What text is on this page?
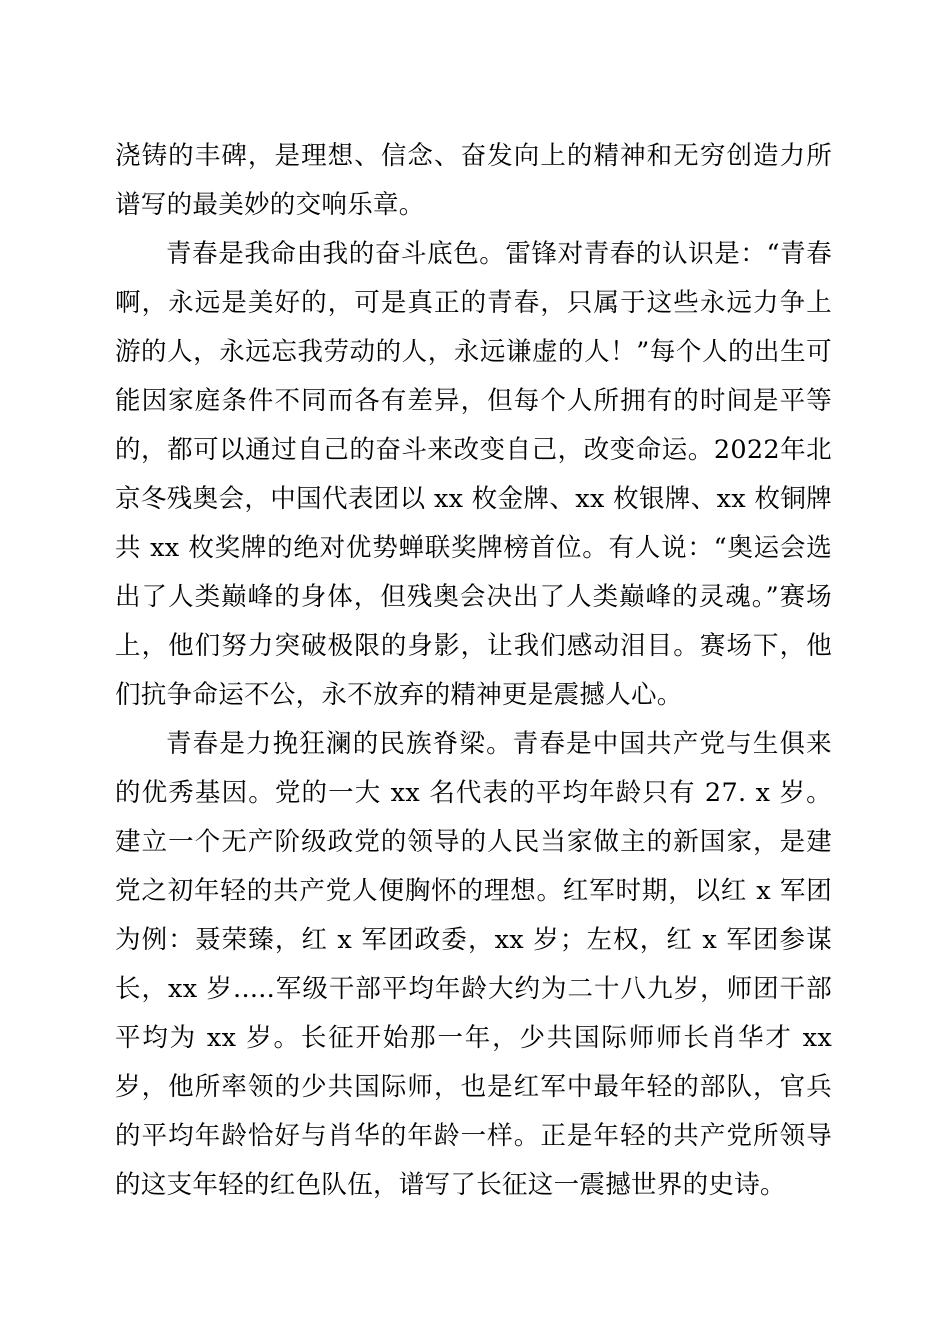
浇铸的丰碑，是理想、信念、奋发向上的精神和无穷创造力所谱写的最美妙的交响乐章。

青春是我命由我的奋斗底色。雷锋对青春的认识是：“青春啊，永远是美好的，可是真正的青春，只属于这些永远力争上游的人，永远忘我劳动的人，永远谦虚的人！”每个人的出生可能因家庭条件不同而各有差异，但每个人所拥有的时间是平等的，都可以通过自己的奋斗来改变自己，改变命运。2022年北京冬残奥会，中国代表团以 xx 枚金牌、xx 枚银牌、xx 枚铜牌共 xx 枚奖牌的绝对优势蝉联奖牌榜首位。有人说：“奥运会选出了人类巅峰的身体，但残奥会决出了人类巅峰的灵魂。”赛场上，他们努力突破极限的身影，让我们感动泪目。赛场下，他们抗争命运不公，永不放弃的精神更是震撼人心。

青春是力挽狂澜的民族脊梁。青春是中国共产党与生俱来的优秀基因。党的一大 xx 名代表的平均年龄只有 27. x 岁。建立一个无产阶级政党的领导的人民当家做主的新国家，是建党之初年轻的共产党人便胸怀的理想。红军时期，以红 x 军团为例：聂荣臻，红 x 军团政委，xx 岁；左权，红 x 军团参谋长，xx 岁.....军级干部平均年龄大约为二十八九岁，师团干部平均为 xx 岁。长征开始那一年，少共国际师师长肖华才 xx 岁，他所率领的少共国际师，也是红军中最年轻的部队，官兵的平均年龄恰好与肖华的年龄一样。正是年轻的共产党所领导的这支年轻的红色队伍，谱写了长征这一震撼世界的史诗。
